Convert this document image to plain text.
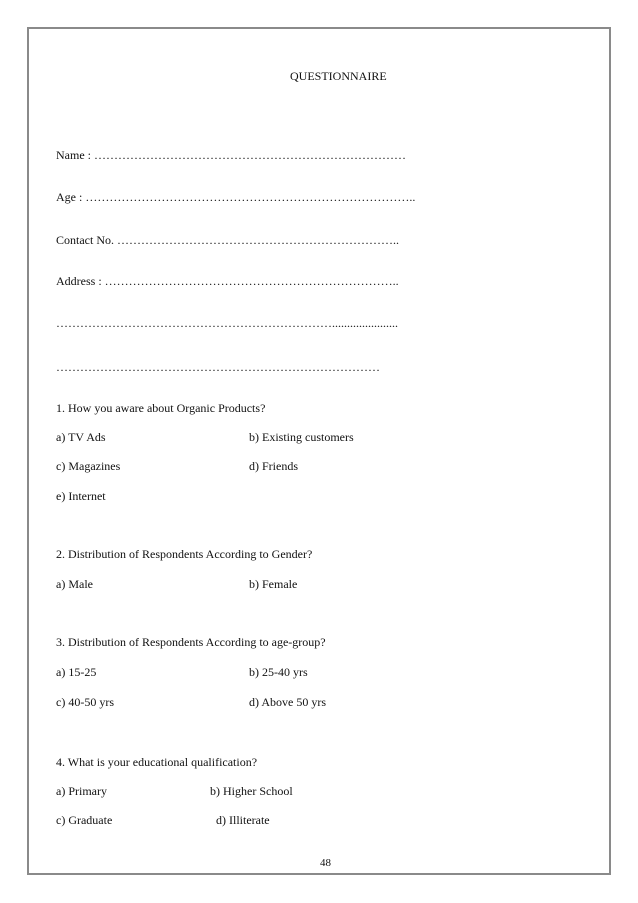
QUESTIONNAIRE
Name : ……………………………………………………………………
Age : ………………………………………………………………………..
Contact No. ……………………………………………………………..
Address : ………………………………………………………………..
……………………………………………………………......................
………………………………………………………………………
1. How you aware about Organic Products?
a) TV Ads	b) Existing customers
c) Magazines	d) Friends
e) Internet
2. Distribution of Respondents According to Gender?
a) Male	b) Female
3. Distribution of Respondents According to age-group?
a) 15-25	b) 25-40 yrs
c) 40-50 yrs	d) Above 50 yrs
4. What is your educational qualification?
a) Primary	b) Higher School
c) Graduate	d) Illiterate
48
